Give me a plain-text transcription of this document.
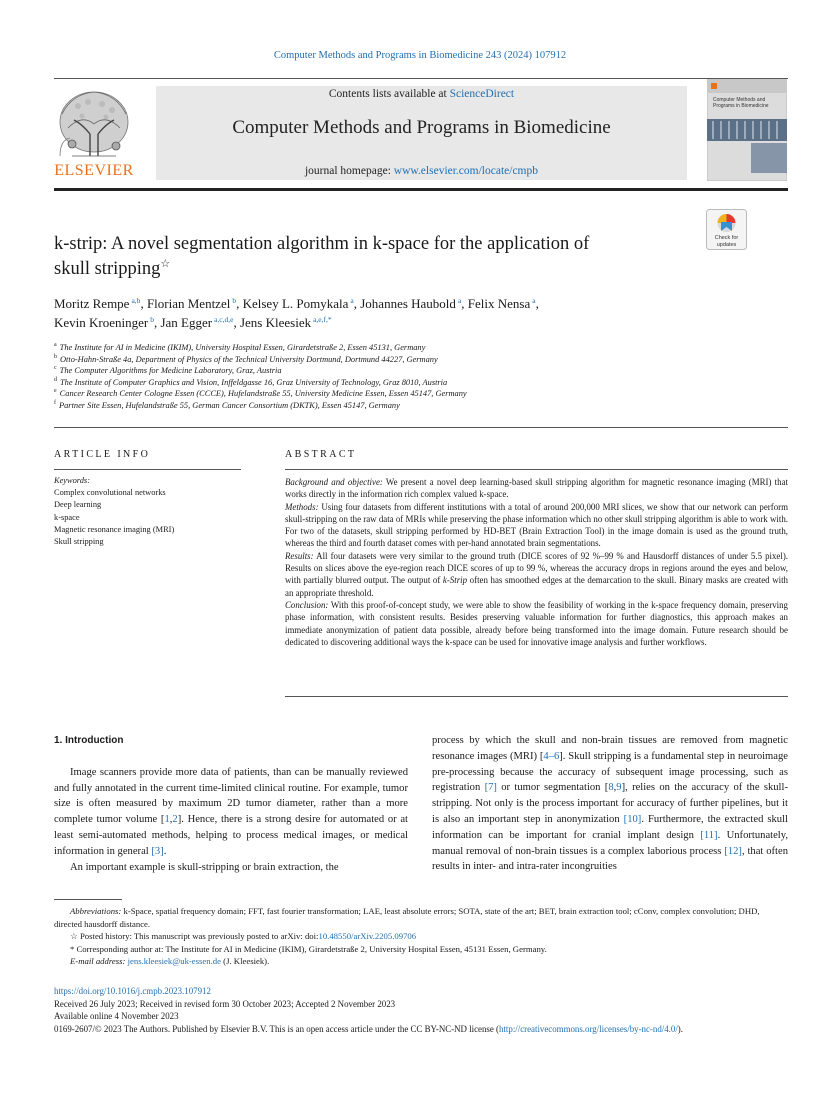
Computer Methods and Programs in Biomedicine 243 (2024) 107912
ELSEVIER
Contents lists available at ScienceDirect
Computer Methods and Programs in Biomedicine
journal homepage: www.elsevier.com/locate/cmpb
Computer Methods and Programs in Biomedicine
Check for
updates
k-strip: A novel segmentation algorithm in k-space for the application of
skull stripping☆
Moritz Rempe $^{a,b}$, Florian Mentzel $^b$, Kelsey L. Pomykala $^a$, Johannes Haubold $^a$, Felix Nensa $^a$,
Kevin Kroeninger $^b$, Jan Egger $^{a,c,d,e}$, Jens Kleesiek $^{a,e,f,*}$
$^a$ The Institute for AI in Medicine (IKIM), University Hospital Essen, Girardetstraße 2, Essen 45131, Germany
$^b$ Otto-Hahn-Straße 4a, Department of Physics of the Technical University Dortmund, Dortmund 44227, Germany
$^c$ The Computer Algorithms for Medicine Laboratory, Graz, Austria
$^d$ The Institute of Computer Graphics and Vision, Inffeldgasse 16, Graz University of Technology, Graz 8010, Austria
$^e$ Cancer Research Center Cologne Essen (CCCE), Hufelandstraße 55, University Medicine Essen, Essen 45147, Germany
$^f$ Partner Site Essen, Hufelandstraße 55, German Cancer Consortium (DKTK), Essen 45147, Germany
ARTICLE INFO
Keywords:
Complex convolutional networks
Deep learning
k-space
Magnetic resonance imaging (MRI)
Skull stripping
ABSTRACT

Background and objective: We present a novel deep learning-based skull stripping algorithm for magnetic resonance imaging (MRI) that works directly in the information rich complex valued k-space.

Methods: Using four datasets from different institutions with a total of around 200,000 MRI slices, we show that our network can perform skull-stripping on the raw data of MRIs while preserving the phase information which no other skull stripping algorithm is able to work with. For two of the datasets, skull stripping performed by HD-BET (Brain Extraction Tool) in the image domain is used as the ground truth, whereas the third and fourth dataset comes with per-hand annotated brain segmentations.

Results: All four datasets were very similar to the ground truth (DICE scores of 92 %–99 % and Hausdorff distances of under 5.5 pixel). Results on slices above the eye-region reach DICE scores of up to 99 %, whereas the accuracy drops in regions around the eyes and below, with partially blurred output. The output of k-Strip often has smoothed edges at the demarcation to the skull. Binary masks are created with an appropriate threshold.

Conclusion: With this proof-of-concept study, we were able to show the feasibility of working in the k-space frequency domain, preserving phase information, with consistent results. Besides preserving valuable information for further diagnostics, this approach makes an immediate anonymization of patient data possible, already before being transformed into the image domain. Future research should be dedicated to discovering additional ways the k-space can be used for innovative image analysis and further workflows.

1. Introduction

Image scanners provide more data of patients, than can be manually reviewed and fully annotated in the current time-limited clinical routine. For example, tumor size is often measured by maximum 2D tumor diameter, rather than a more complete tumor volume [1,2]. Hence, there is a strong desire for automated or at least semi-automated methods, helping to process medical images, or medical information in general [3].

An important example is skull-stripping or brain extraction, the

process by which the skull and non-brain tissues are removed from magnetic resonance images (MRI) [4–6]. Skull stripping is a fundamental step in neuroimage pre-processing because the accuracy of subsequent image processing, such as registration [7] or tumor segmentation [8,9], relies on the accuracy of the skull-stripping. Not only is the process important for accuracy of further pipelines, but it is also an important step in anonymization [10]. Furthermore, the extracted skull information can be important for cranial implant design [11]. Unfortunately, manual removal of non-brain tissues is a complex laborious process [12], that often results in inter- and intra-rater incongruities

Abbreviations: k-Space, spatial frequency domain; FFT, fast fourier transformation; LAE, least absolute errors; SOTA, state of the art; BET, brain extraction tool; cConv, complex convolution; DHD, directed hausdorff distance.
☆ Posted history: This manuscript was previously posted to arXiv: doi:10.48550/arXiv.2205.09706
* Corresponding author at: The Institute for AI in Medicine (IKIM), Girardetstraße 2, University Hospital Essen, 45131 Essen, Germany.
E-mail address: jens.kleesiek@uk-essen.de (J. Kleesiek).
https://doi.org/10.1016/j.cmpb.2023.107912
Received 26 July 2023; Received in revised form 30 October 2023; Accepted 2 November 2023
Available online 4 November 2023
0169-2607/© 2023 The Authors. Published by Elsevier B.V. This is an open access article under the CC BY-NC-ND license (http://creativecommons.org/licenses/by-nc-nd/4.0/).
